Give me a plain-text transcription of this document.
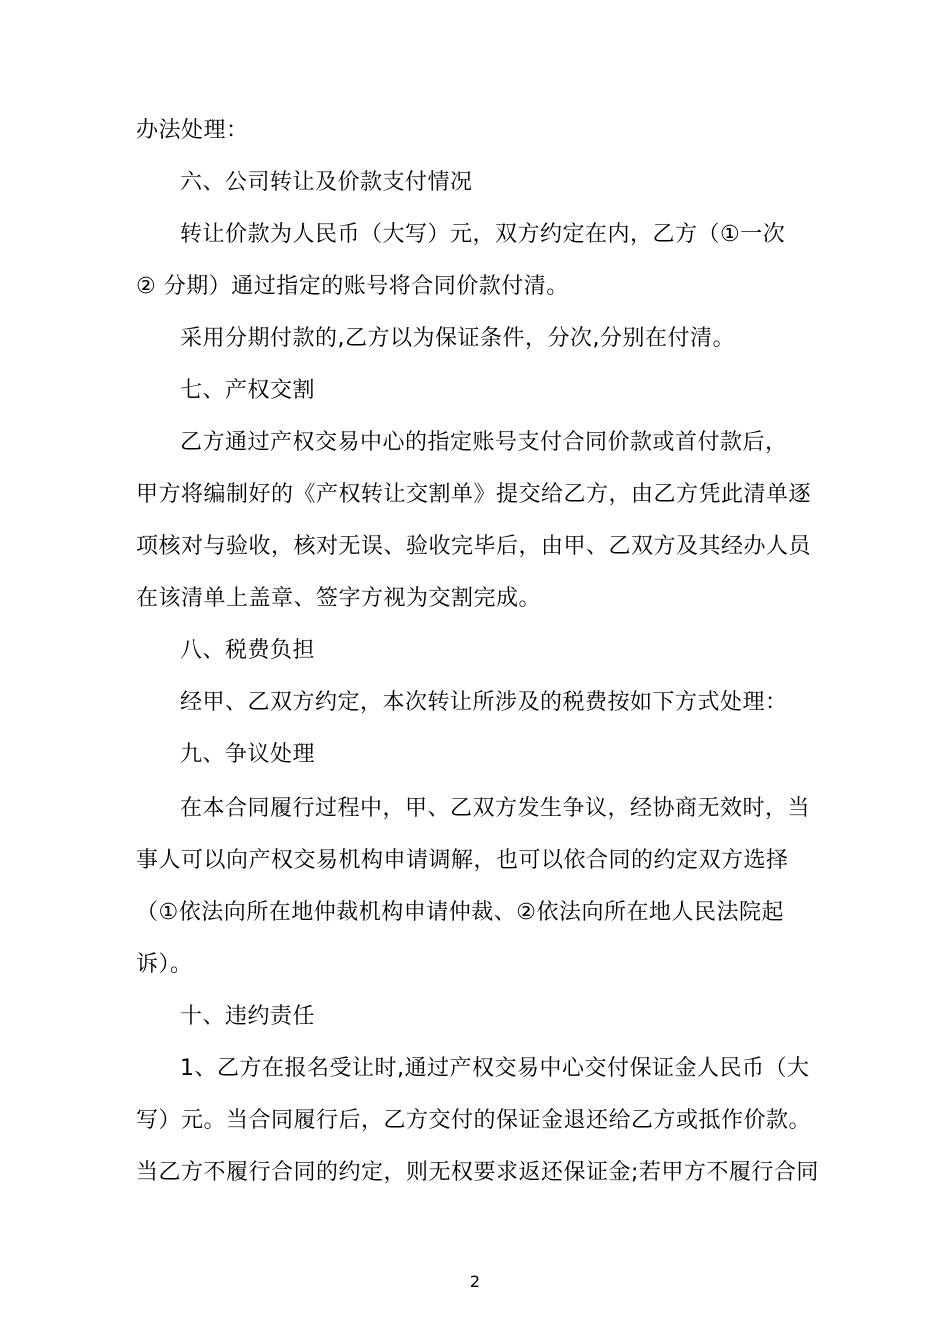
办法处理：
六、公司转让及价款支付情况
转让价款为人民币（大写）元，双方约定在内，乙方（①一次
② 分期）通过指定的账号将合同价款付清。
采用分期付款的,乙方以为保证条件，分次,分别在付清。
七、产权交割
乙方通过产权交易中心的指定账号支付合同价款或首付款后，
甲方将编制好的《产权转让交割单》提交给乙方，由乙方凭此清单逐
项核对与验收，核对无误、验收完毕后，由甲、乙双方及其经办人员
在该清单上盖章、签字方视为交割完成。
八、税费负担
经甲、乙双方约定，本次转让所涉及的税费按如下方式处理：
九、争议处理
在本合同履行过程中，甲、乙双方发生争议，经协商无效时，当
事人可以向产权交易机构申请调解，也可以依合同的约定双方选择
（①依法向所在地仲裁机构申请仲裁、②依法向所在地人民法院起
诉）。
十、违约责任
1、乙方在报名受让时,通过产权交易中心交付保证金人民币（大
写）元。当合同履行后，乙方交付的保证金退还给乙方或抵作价款。
当乙方不履行合同的约定，则无权要求返还保证金;若甲方不履行合同
2
